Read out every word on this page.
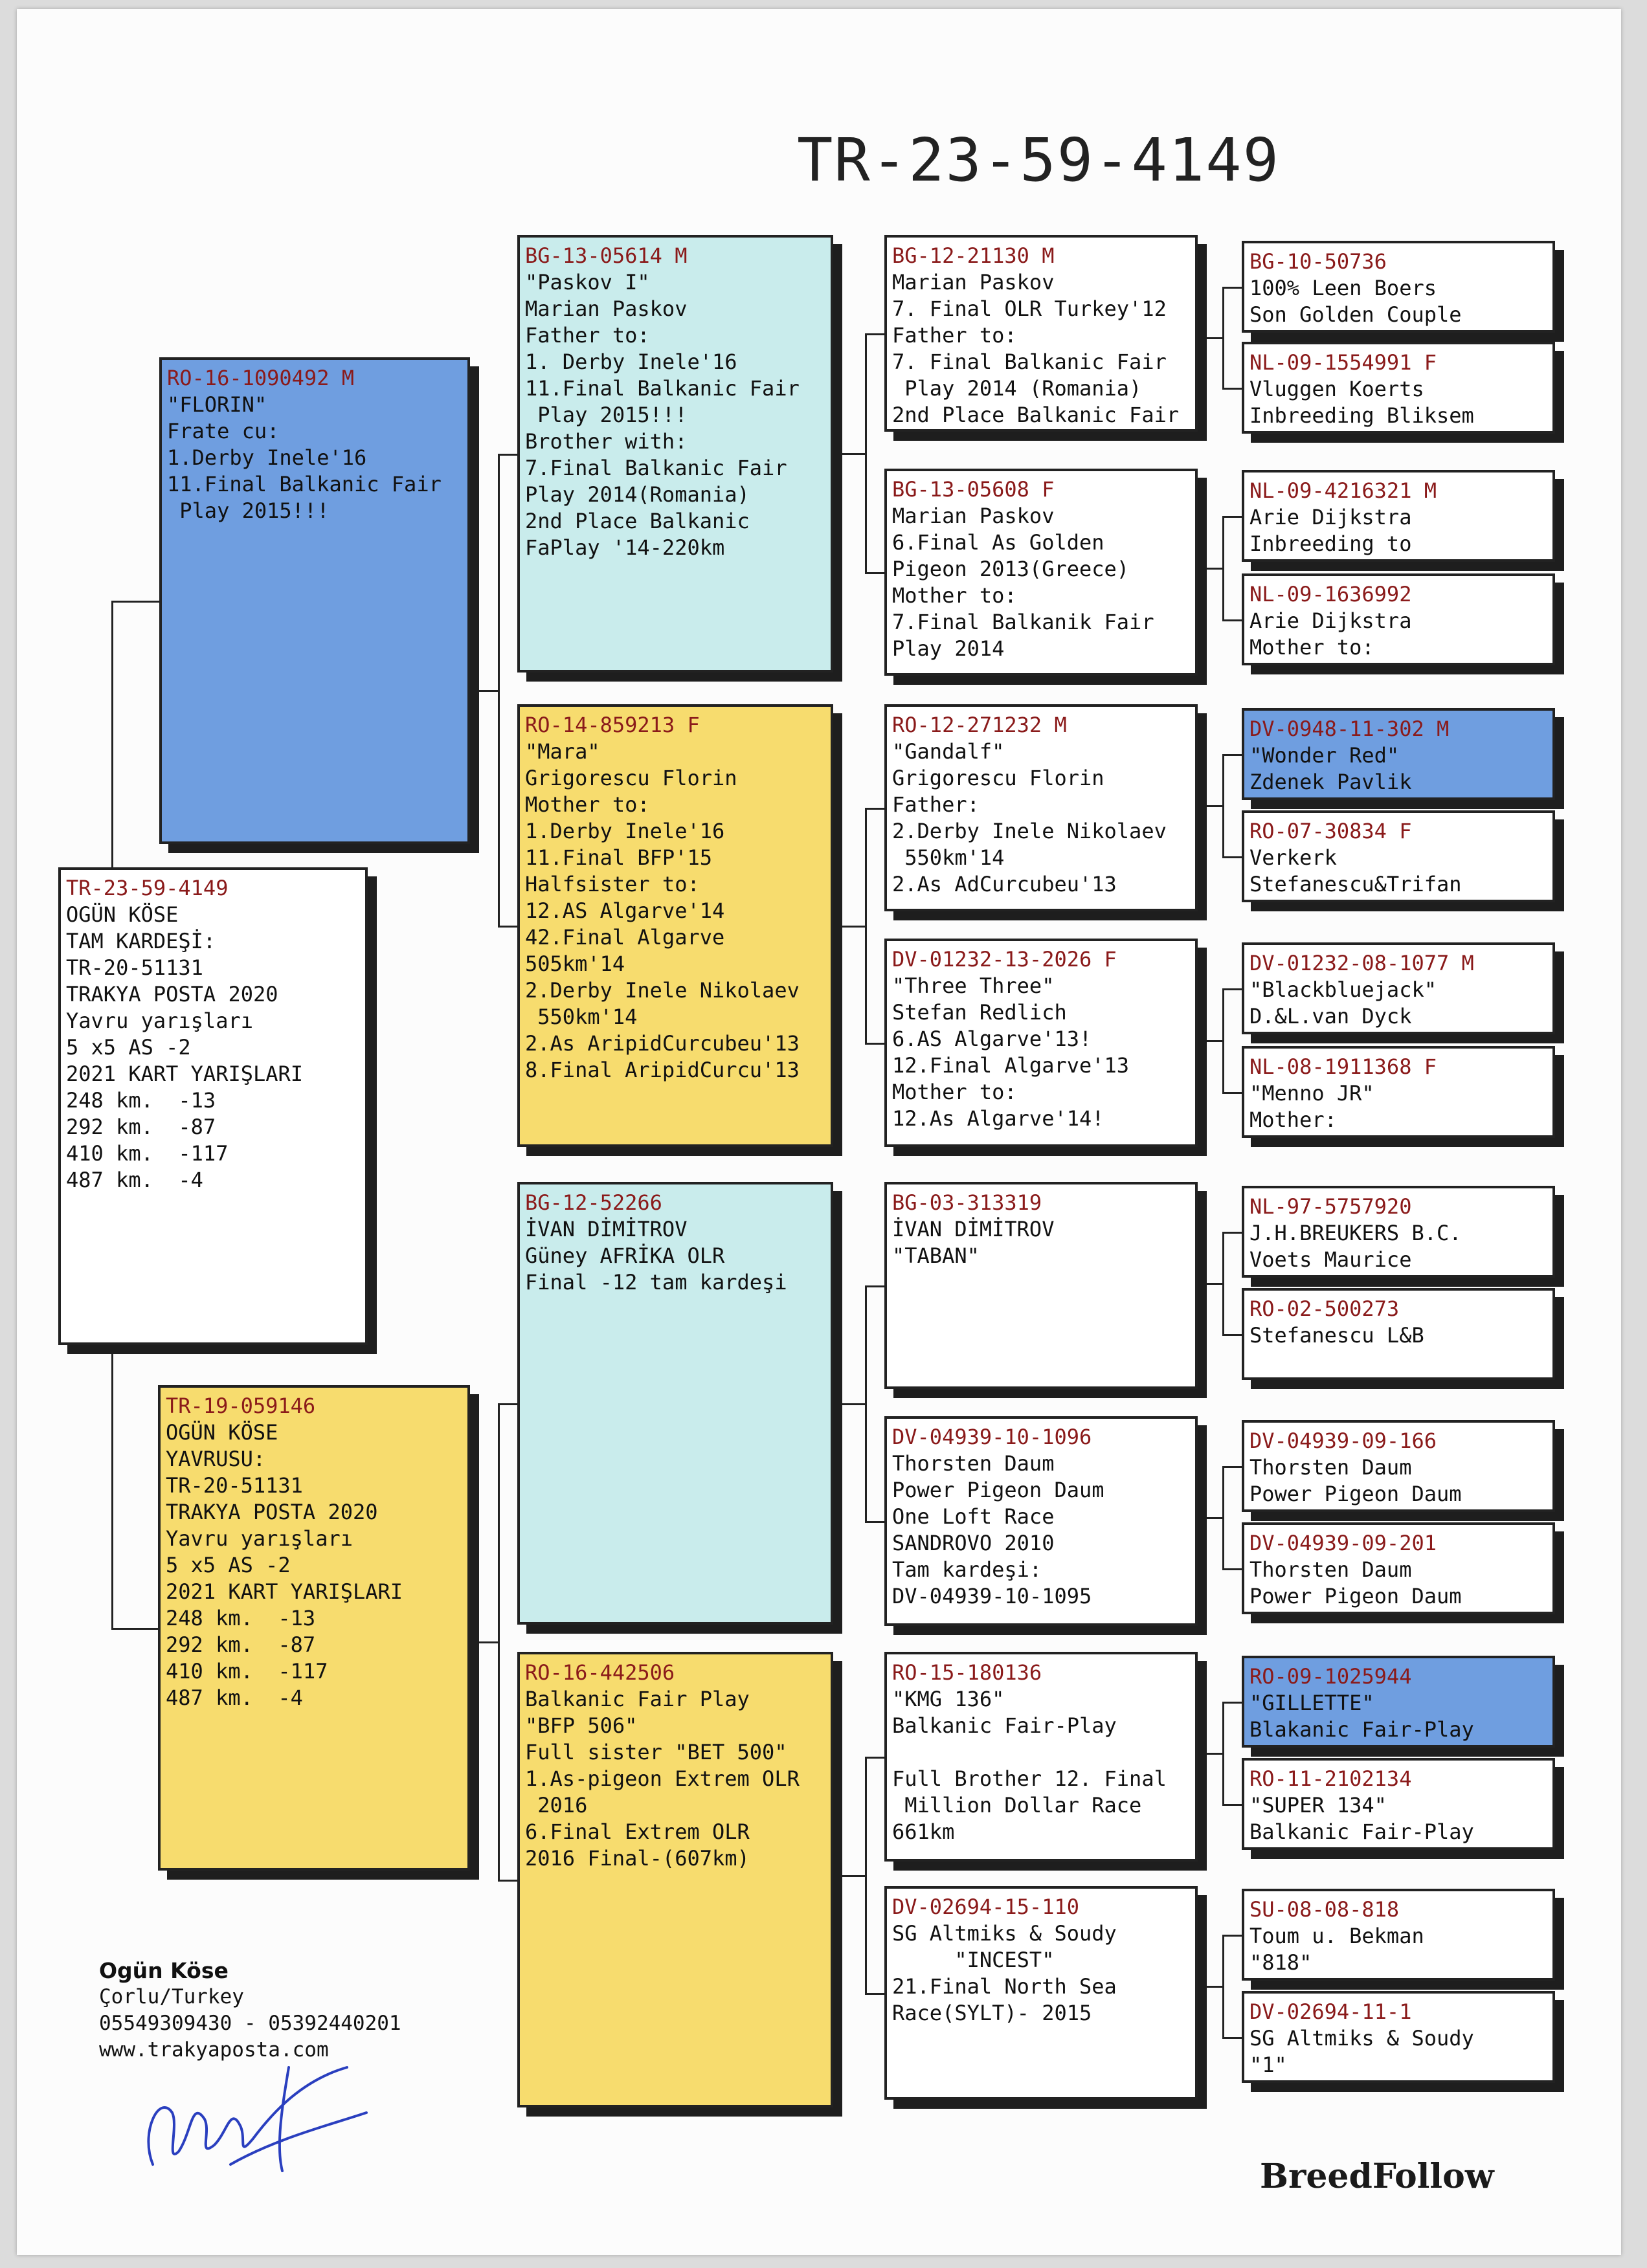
TR-23-59-4149
TR-23-59-4149
OGÜN KÖSE
TAM KARDEŞİ:
TR-20-51131
TRAKYA POSTA 2020
Yavru yarışları
5 x5 AS -2
2021 KART YARIŞLARI
248 km.  -13
292 km.  -87
410 km.  -117
487 km.  -4
RO-16-1090492 M
"FLORIN"
Frate cu:
1.Derby Inele'16
11.Final Balkanic Fair
Play 2015!!!
TR-19-059146
OGÜN KÖSE
YAVRUSU:
TR-20-51131
TRAKYA POSTA 2020
Yavru yarışları
5 x5 AS -2
2021 KART YARIŞLARI
248 km.  -13
292 km.  -87
410 km.  -117
487 km.  -4
BG-13-05614 M
"Paskov I"
Marian Paskov
Father to:
1. Derby Inele'16
11.Final Balkanic Fair
Play 2015!!!
Brother with:
7.Final Balkanic Fair
Play 2014(Romania)
2nd Place Balkanic
FaPlay '14-220km
RO-14-859213 F
"Mara"
Grigorescu Florin
Mother to:
1.Derby Inele'16
11.Final BFP'15
Halfsister to:
12.AS Algarve'14
42.Final Algarve
505km'14
2.Derby Inele Nikolaev
550km'14
2.As AripidCurcubeu'13
8.Final AripidCurcu'13
BG-12-52266
İVAN DİMİTROV
Güney AFRİKA OLR
Final -12 tam kardeşi
RO-16-442506
Balkanic Fair Play
"BFP 506"
Full sister "BET 500"
1.As-pigeon Extrem OLR
2016
6.Final Extrem OLR
2016 Final-(607km)
BG-12-21130 M
Marian Paskov
7. Final OLR Turkey'12
Father to:
7. Final Balkanic Fair
Play 2014 (Romania)
2nd Place Balkanic Fair
BG-13-05608 F
Marian Paskov
6.Final As Golden
Pigeon 2013(Greece)
Mother to:
7.Final Balkanik Fair
Play 2014
RO-12-271232 M
"Gandalf"
Grigorescu Florin
Father:
2.Derby Inele Nikolaev
550km'14
2.As AdCurcubeu'13
DV-01232-13-2026 F
"Three Three"
Stefan Redlich
6.AS Algarve'13!
12.Final Algarve'13
Mother to:
12.As Algarve'14!
BG-03-313319
İVAN DİMİTROV
"TABAN"
DV-04939-10-1096
Thorsten Daum
Power Pigeon Daum
One Loft Race
SANDROVO 2010
Tam kardeşi:
DV-04939-10-1095
RO-15-180136
"KMG 136"
Balkanic Fair-Play

Full Brother 12. Final
Million Dollar Race
661km
DV-02694-15-110
SG Altmiks & Soudy
"INCEST"
21.Final North Sea
Race(SYLT)- 2015
BG-10-50736
100% Leen Boers
Son Golden Couple
NL-09-1554991 F
Vluggen Koerts
Inbreeding Bliksem
NL-09-4216321 M
Arie Dijkstra
Inbreeding to
NL-09-1636992
Arie Dijkstra
Mother to:
DV-0948-11-302 M
"Wonder Red"
Zdenek Pavlik
RO-07-30834 F
Verkerk
Stefanescu&Trifan
DV-01232-08-1077 M
"Blackbluejack"
D.&L.van Dyck
NL-08-1911368 F
"Menno JR"
Mother:
NL-97-5757920
J.H.BREUKERS B.C.
Voets Maurice
RO-02-500273
Stefanescu L&B
DV-04939-09-166
Thorsten Daum
Power Pigeon Daum
DV-04939-09-201
Thorsten Daum
Power Pigeon Daum
RO-09-1025944
"GILLETTE"
Blakanic Fair-Play
RO-11-2102134
"SUPER 134"
Balkanic Fair-Play
SU-08-08-818
Toum u. Bekman
"818"
DV-02694-11-1
SG Altmiks & Soudy
"1"
Ogün Köse
Çorlu/Turkey
05549309430 - 05392440201
www.trakyaposta.com
BreedFollow
